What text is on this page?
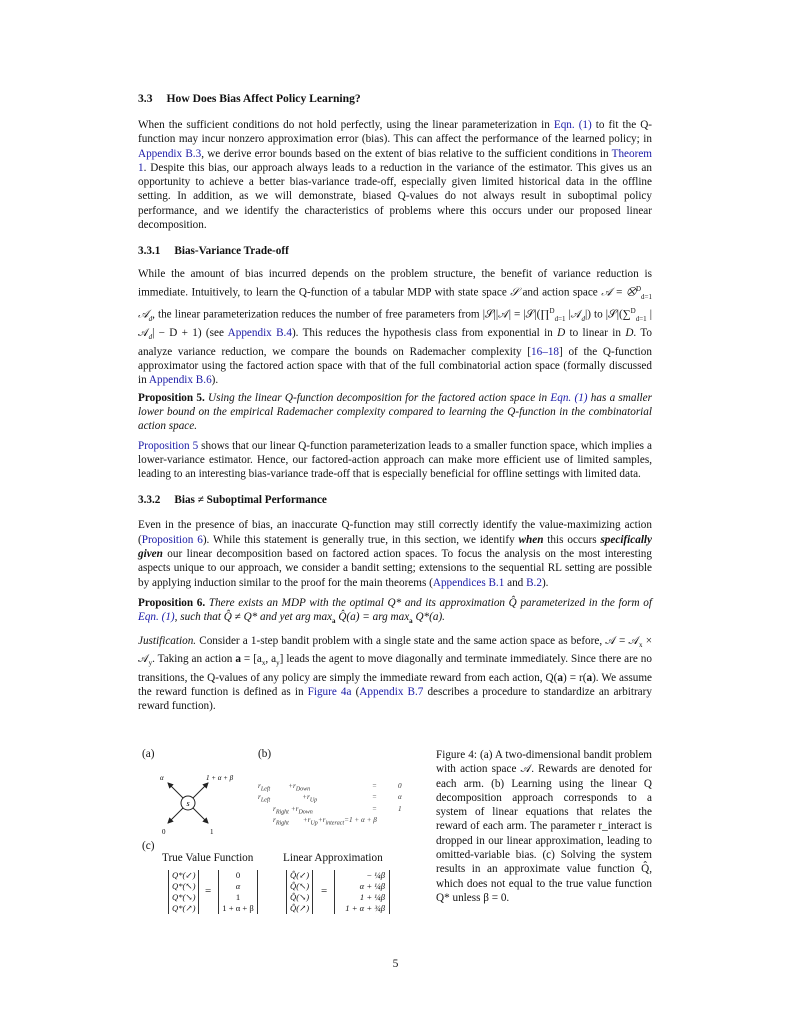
3.3 How Does Bias Affect Policy Learning?

When the sufficient conditions do not hold perfectly, using the linear parameterization in Eqn. (1) to fit the Q-function may incur nonzero approximation error (bias). This can affect the performance of the learned policy; in Appendix B.3, we derive error bounds based on the extent of bias relative to the sufficient conditions in Theorem 1. Despite this bias, our approach always leads to a reduction in the variance of the estimator. This gives us an opportunity to achieve a better bias-variance trade-off, especially given limited historical data in the offline setting. In addition, as we will demonstrate, biased Q-values do not always result in suboptimal policy performance, and we identify the characteristics of problems where this occurs under our proposed linear decomposition.

3.3.1 Bias-Variance Trade-off

While the amount of bias incurred depends on the problem structure, the benefit of variance reduction is immediate. Intuitively, to learn the Q-function of a tabular MDP with state space 𝒮 and action space 𝒜 = ⨂$^D_{d=1}$ 𝒜$_d$, the linear parameterization reduces the number of free parameters from |𝒮||𝒜| = |𝒮|(∏$^D_{d=1}$ |𝒜$_d$|) to |𝒮|(∑$^D_{d=1}$ |𝒜$_d$| − D + 1) (see Appendix B.4). This reduces the hypothesis class from exponential in D to linear in D. To analyze variance reduction, we compare the bounds on Rademacher complexity [16–18] of the Q-function approximator using the factored action space with that of the full combinatorial action space (formally discussed in Appendix B.6).

Proposition 5. Using the linear Q-function decomposition for the factored action space in Eqn. (1) has a smaller lower bound on the empirical Rademacher complexity compared to learning the Q-function in the combinatorial action space.

Proposition 5 shows that our linear Q-function parameterization leads to a smaller function space, which implies a lower-variance estimator. Hence, our factored-action approach can make more efficient use of limited samples, leading to an interesting bias-variance trade-off that is especially beneficial for offline settings with limited data.

3.3.2 Bias ≠ Suboptimal Performance

Even in the presence of bias, an inaccurate Q-function may still correctly identify the value-maximizing action (Proposition 6). While this statement is generally true, in this section, we identify when this occurs specifically given our linear decomposition based on factored action spaces. To focus the analysis on the most interesting aspects unique to our approach, we consider a bandit setting; extensions to the sequential RL setting are possible by applying induction similar to the proof for the main theorems (Appendices B.1 and B.2).

Proposition 6. There exists an MDP with the optimal Q* and its approximation Q̂ parameterized in the form of Eqn. (1), such that Q̂ ≠ Q* and yet arg $\max_a$ Q̂(a) = arg $\max_a Q*(a)$.

Justification. Consider a 1-step bandit problem with a single state and the same action space as before, 𝒜 = 𝒜$_x$ × 𝒜$_y$. Taking an action $a = [a_x$, $a_y$] leads the agent to move diagonally and terminate immediately. Since there are no transitions, the Q-values of any policy are simply the immediate reward from each action, Q(a) = r(a). We assume the reward function is defined as in Figure 4a (Appendix B.7 describes a procedure to standardize an arbitrary reward function).

(a)	(b)
s
α	1 + α + β
0	1
$r_{Left}$	$+r_{Down}$	=	0
$r_{Left}$	$+r_{Up}$	=	α
$r_{Right} +r_{Down}$	=	1
$r_{Right} +r_{Up}+r_{interact}=1 + \alpha + \beta$
(c)
True Value Function	Linear Approximation
Q*(↙)
Q*(↖)
Q*(↘)
Q*(↗)
=
0
α
1
1 + α + β
Q̂(↙)
Q̂(↖)
Q̂(↘)
Q̂(↗)
=
− ¼β
α + ¼β
1 + ¼β
1 + α + ¾β

Figure 4: (a) A two-dimensional bandit problem with action space 𝒜. Rewards are denoted for each arm. (b) Learning using the linear Q decomposition approach corresponds to a system of linear equations that relates the reward of each arm. The parameter r_interact is dropped in our linear approximation, leading to omitted-variable bias. (c) Solving the system results in an approximate value function Q̂, which does not equal to the true value function Q* unless β = 0.

5
